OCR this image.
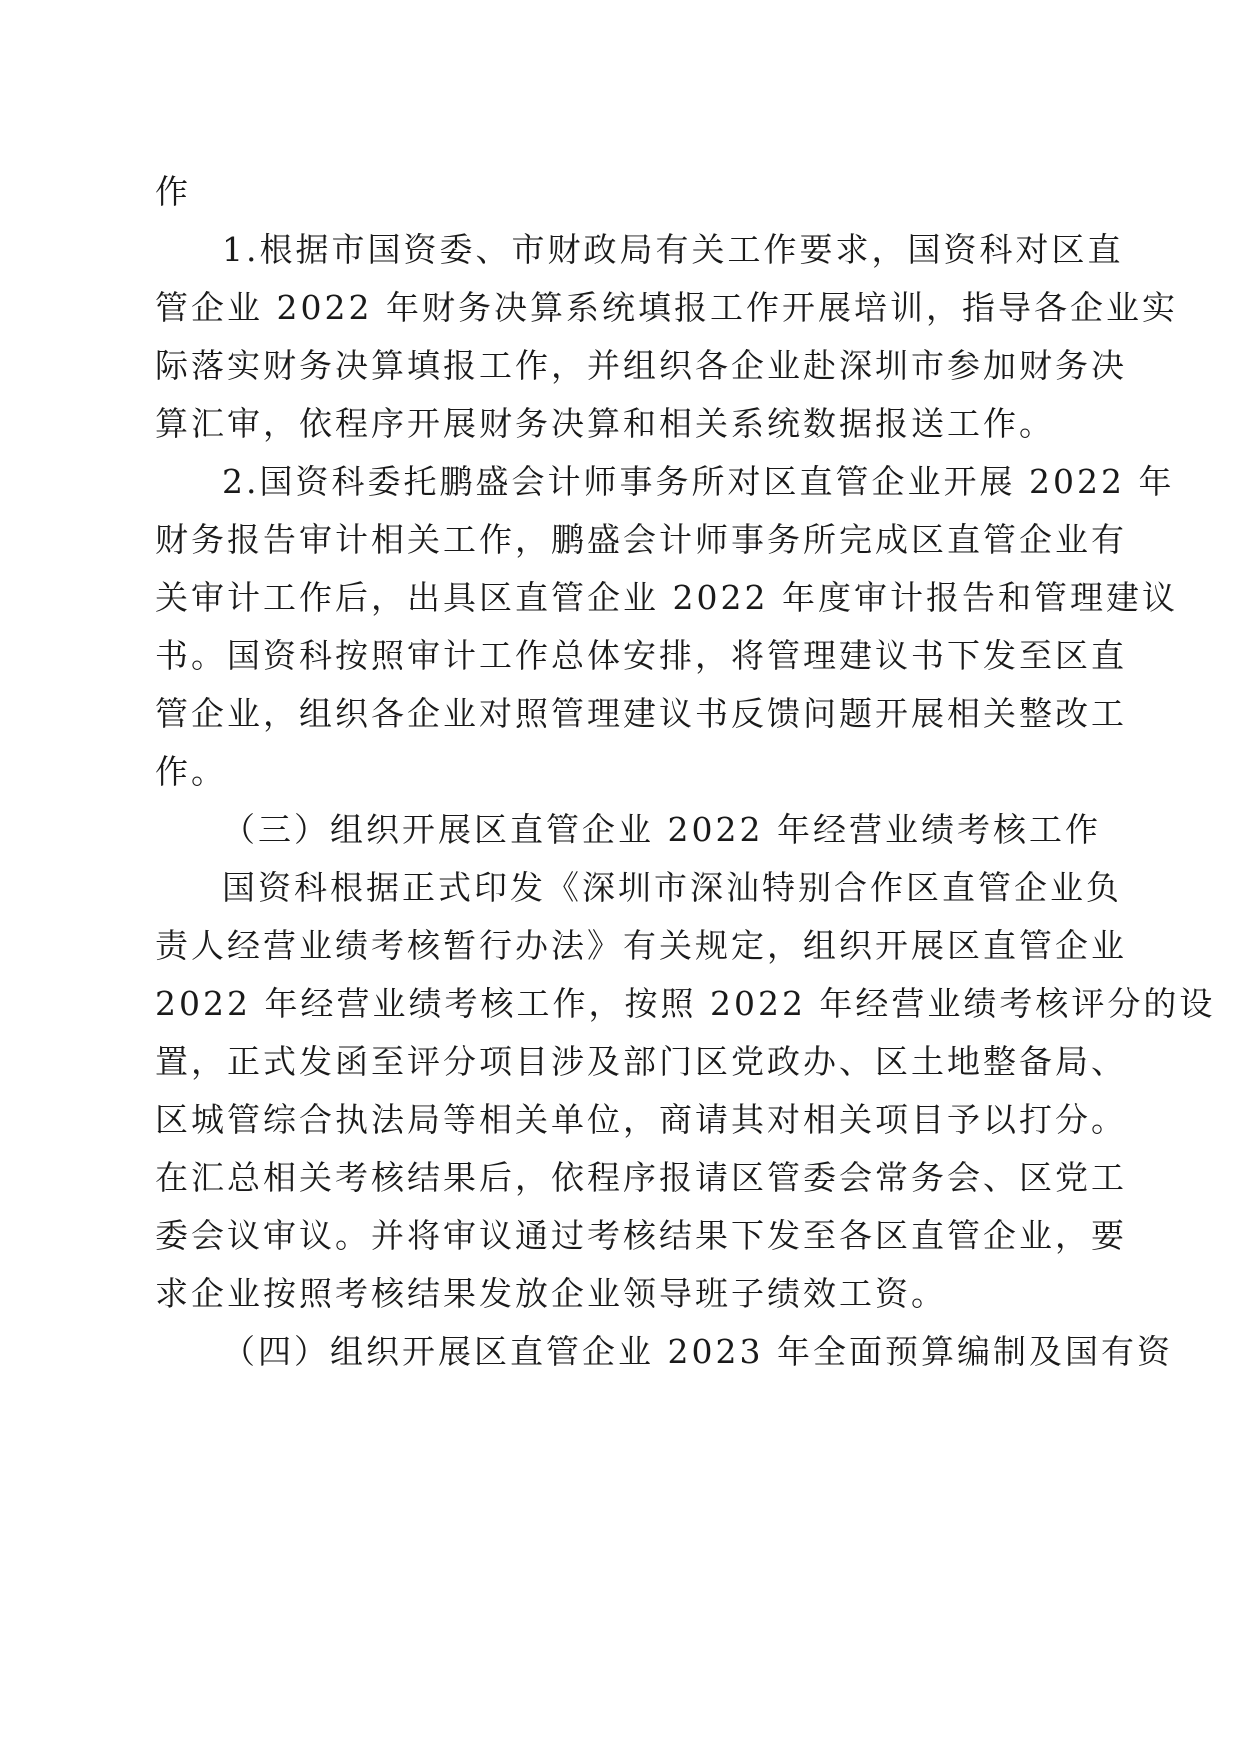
作
1.根据市国资委、市财政局有关工作要求，国资科对区直
管企业 2022 年财务决算系统填报工作开展培训，指导各企业实
际落实财务决算填报工作，并组织各企业赴深圳市参加财务决
算汇审，依程序开展财务决算和相关系统数据报送工作。
2.国资科委托鹏盛会计师事务所对区直管企业开展 2022 年
财务报告审计相关工作，鹏盛会计师事务所完成区直管企业有
关审计工作后，出具区直管企业 2022 年度审计报告和管理建议
书。国资科按照审计工作总体安排，将管理建议书下发至区直
管企业，组织各企业对照管理建议书反馈问题开展相关整改工
作。
（三）组织开展区直管企业 2022 年经营业绩考核工作
国资科根据正式印发《深圳市深汕特别合作区直管企业负
责人经营业绩考核暂行办法》有关规定，组织开展区直管企业
2022 年经营业绩考核工作，按照 2022 年经营业绩考核评分的设
置，正式发函至评分项目涉及部门区党政办、区土地整备局、
区城管综合执法局等相关单位，商请其对相关项目予以打分。
在汇总相关考核结果后，依程序报请区管委会常务会、区党工
委会议审议。并将审议通过考核结果下发至各区直管企业，要
求企业按照考核结果发放企业领导班子绩效工资。
（四）组织开展区直管企业 2023 年全面预算编制及国有资
